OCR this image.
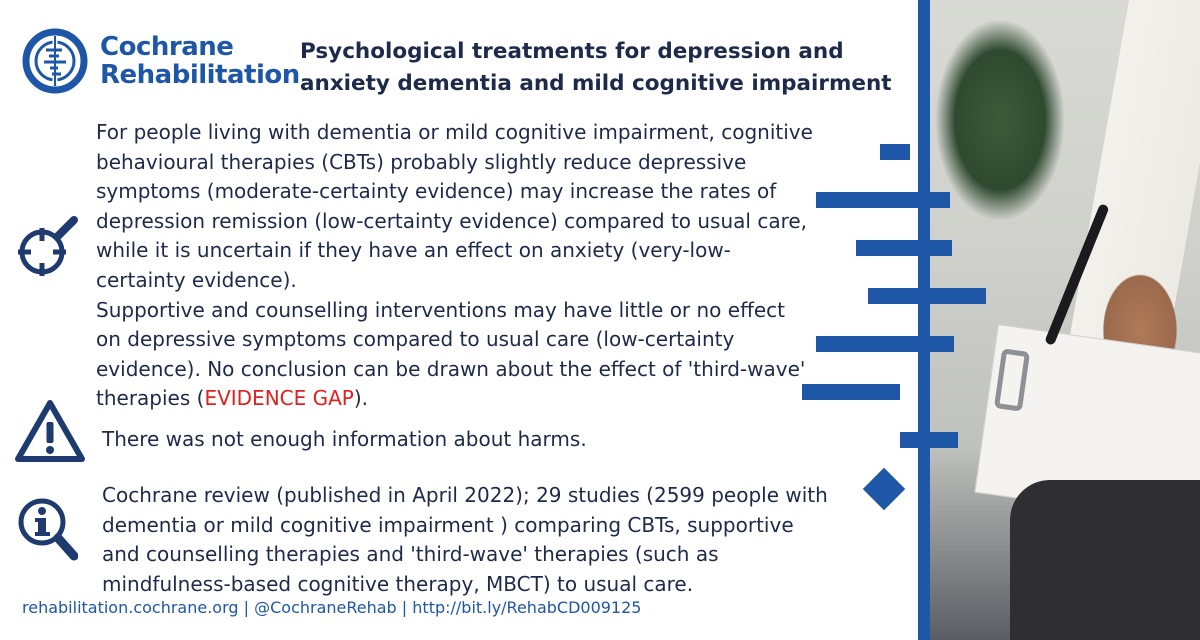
Cochrane
Rehabilitation
Psychological treatments for depression and anxiety dementia and mild cognitive impairment
For people living with dementia or mild cognitive impairment, cognitive behavioural therapies (CBTs) probably slightly reduce depressive symptoms (moderate-certainty evidence) may increase the rates of depression remission (low-certainty evidence) compared to usual care, while it is uncertain if they have an effect on anxiety (very-low-certainty evidence).
Supportive and counselling interventions may have little or no effect on depressive symptoms compared to usual care (low-certainty evidence). No conclusion can be drawn about the effect of 'third-wave' therapies (EVIDENCE GAP).
There was not enough information about harms.
Cochrane review (published in April 2022); 29 studies (2599 people with dementia or mild cognitive impairment ) comparing CBTs, supportive and counselling therapies and 'third-wave' therapies (such as mindfulness-based cognitive therapy, MBCT) to usual care.
rehabilitation.cochrane.org | @CochraneRehab | http://bit.ly/RehabCD009125
